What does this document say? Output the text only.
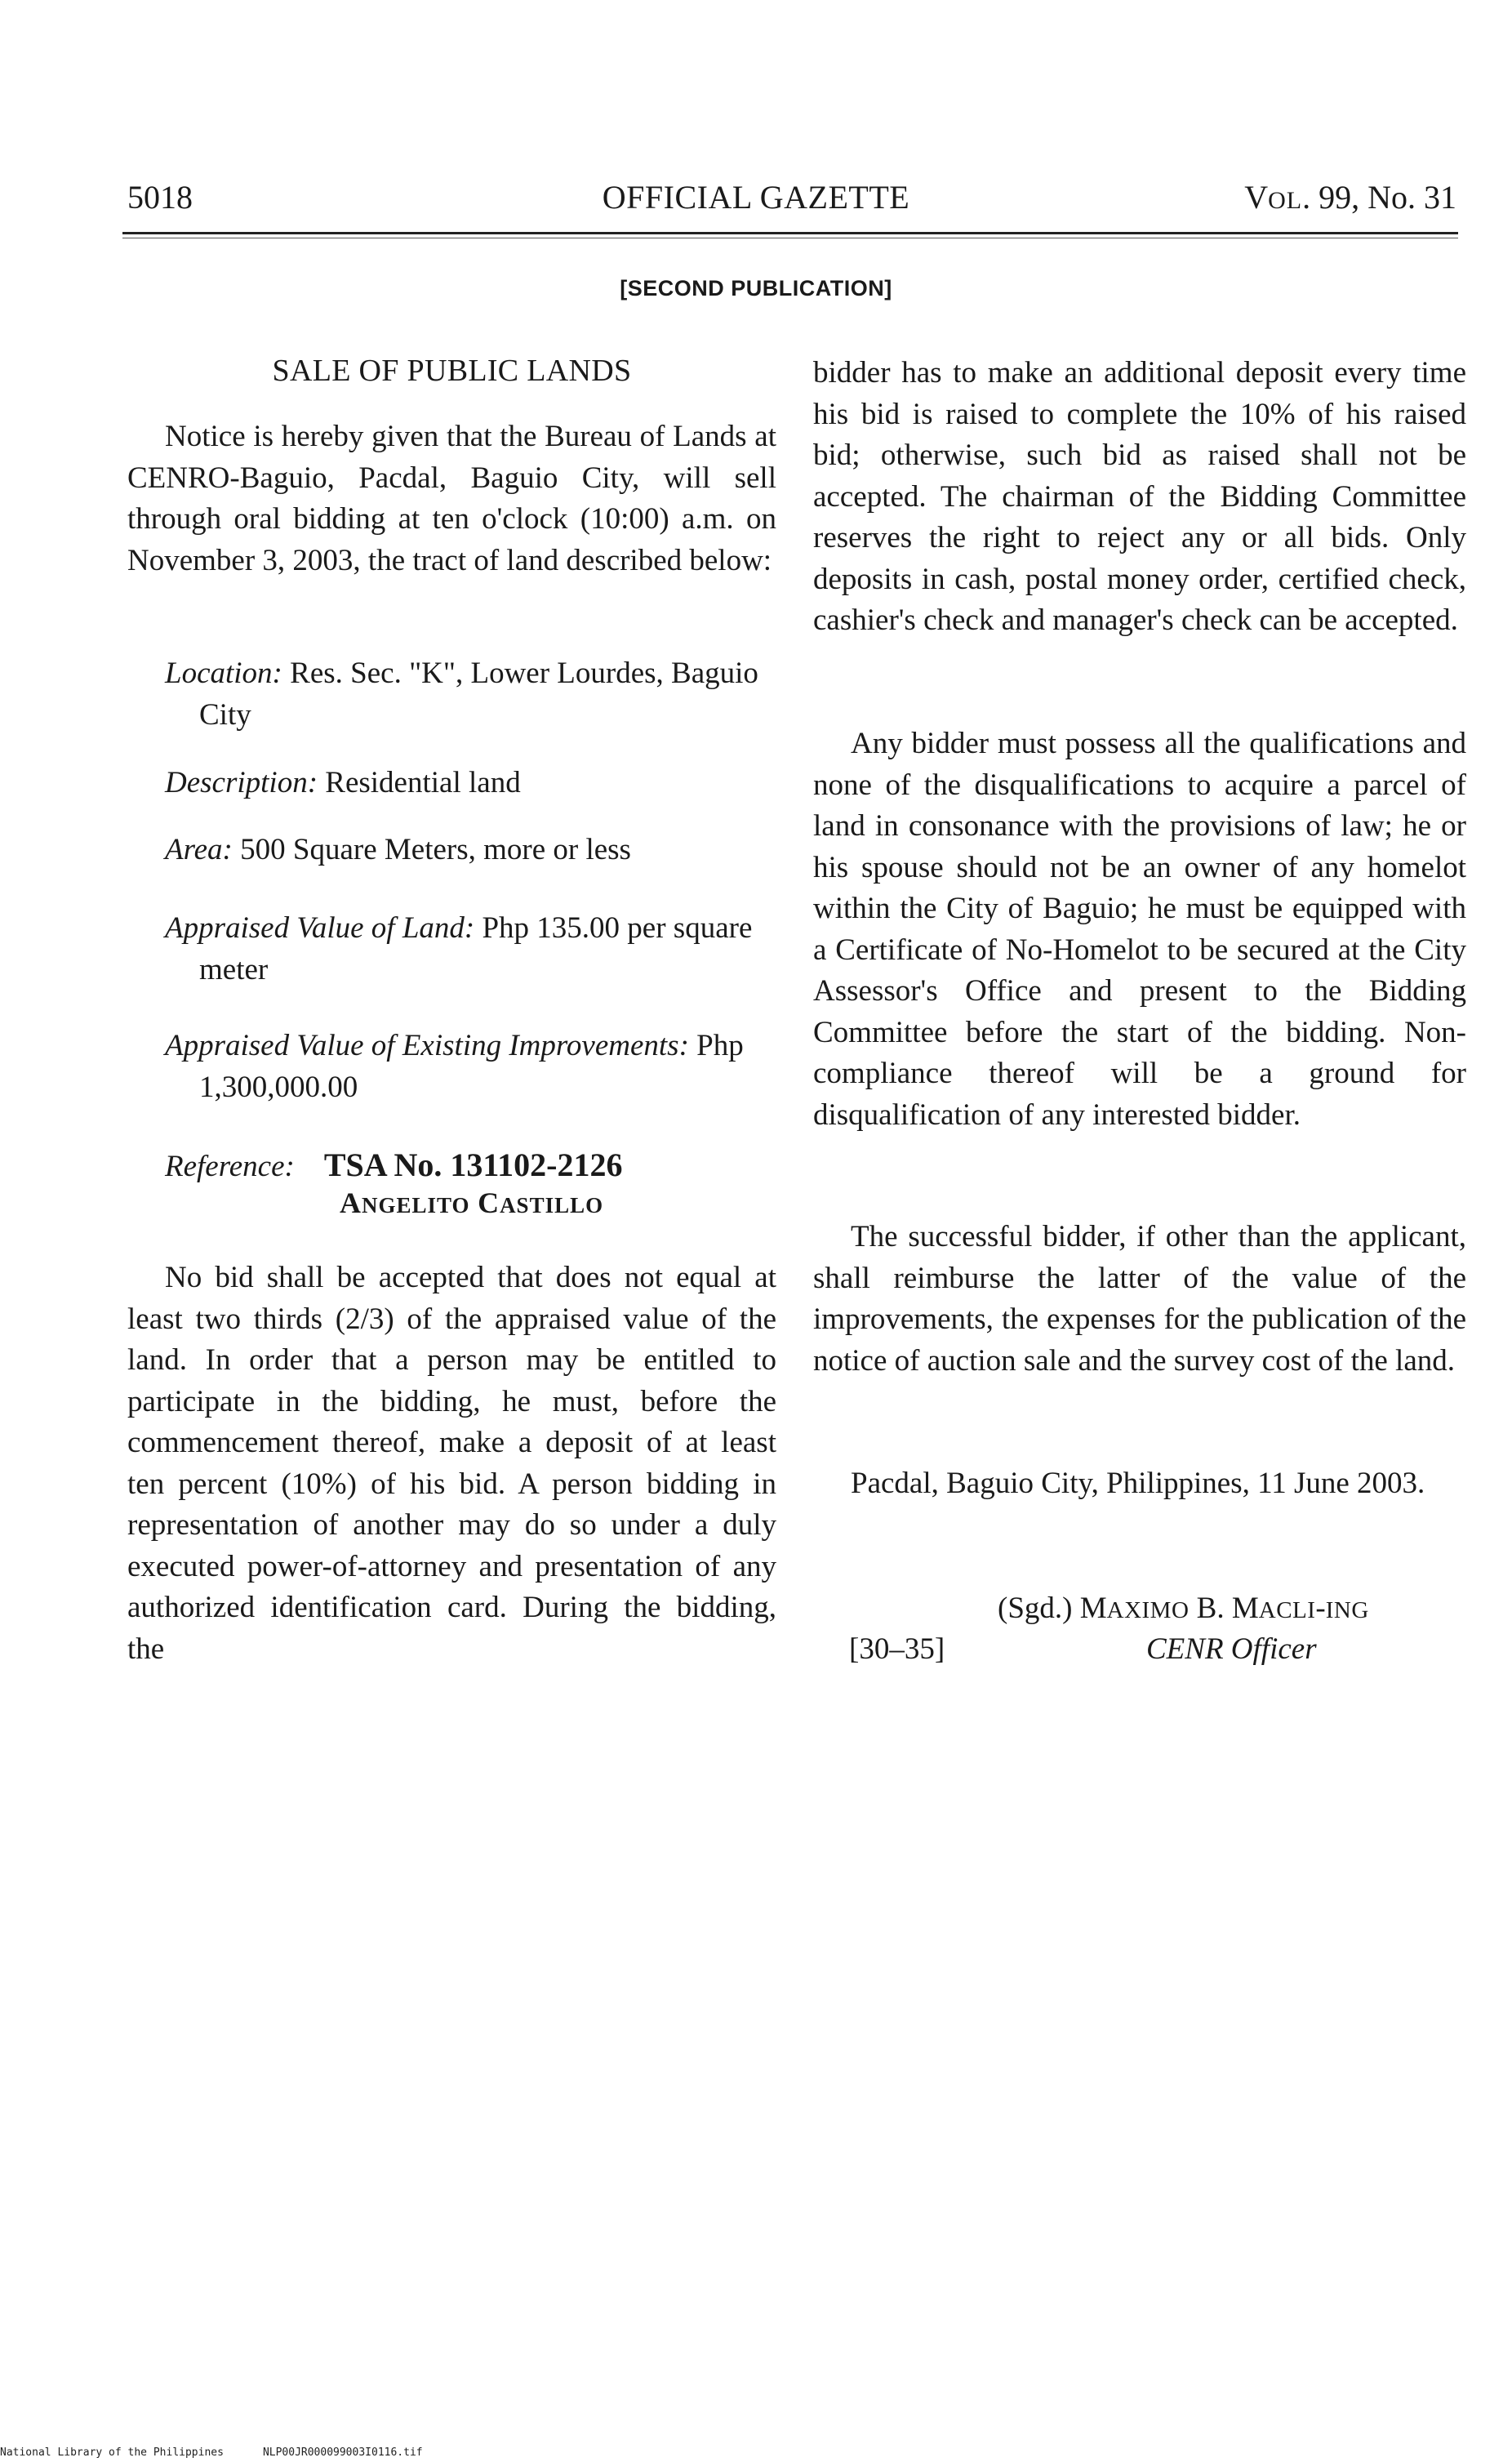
5018	OFFICIAL GAZETTE	VOL. 99, No. 31
[SECOND PUBLICATION]
SALE OF PUBLIC LANDS

Notice is hereby given that the Bureau of Lands at CENRO-Baguio, Pacdal, Baguio City, will sell through oral bidding at ten o'clock (10:00) a.m. on November 3, 2003, the tract of land described below:

Location: Res. Sec. "K", Lower Lourdes, Baguio City
Description: Residential land
Area: 500 Square Meters, more or less
Appraised Value of Land: Php 135.00 per square meter
Appraised Value of Existing Improvements: Php 1,300,000.00
Reference: TSA No. 131102-2126
ANGELITO CASTILLO

No bid shall be accepted that does not equal at least two thirds (2/3) of the appraised value of the land. In order that a person may be entitled to participate in the bidding, he must, before the commencement thereof, make a deposit of at least ten percent (10%) of his bid. A person bidding in representation of another may do so under a duly executed power-of-attorney and presentation of any authorized identification card. During the bidding, the

bidder has to make an additional deposit every time his bid is raised to complete the 10% of his raised bid; otherwise, such bid as raised shall not be accepted. The chairman of the Bidding Committee reserves the right to reject any or all bids. Only deposits in cash, postal money order, certified check, cashier's check and manager's check can be accepted.

Any bidder must possess all the qualifications and none of the disqualifications to acquire a parcel of land in consonance with the provisions of law; he or his spouse should not be an owner of any homelot within the City of Baguio; he must be equipped with a Certificate of No-Homelot to be secured at the City Assessor's Office and present to the Bidding Committee before the start of the bidding. Non-compliance thereof will be a ground for disqualification of any interested bidder.

The successful bidder, if other than the applicant, shall reimburse the latter of the value of the improvements, the expenses for the publication of the notice of auction sale and the survey cost of the land.

Pacdal, Baguio City, Philippines, 11 June 2003.

(Sgd.) MAXIMO B. MACLI-ING
[30–35]	CENR Officer
National Library of the Philippines	NLP00JR000099003I0116.tif
